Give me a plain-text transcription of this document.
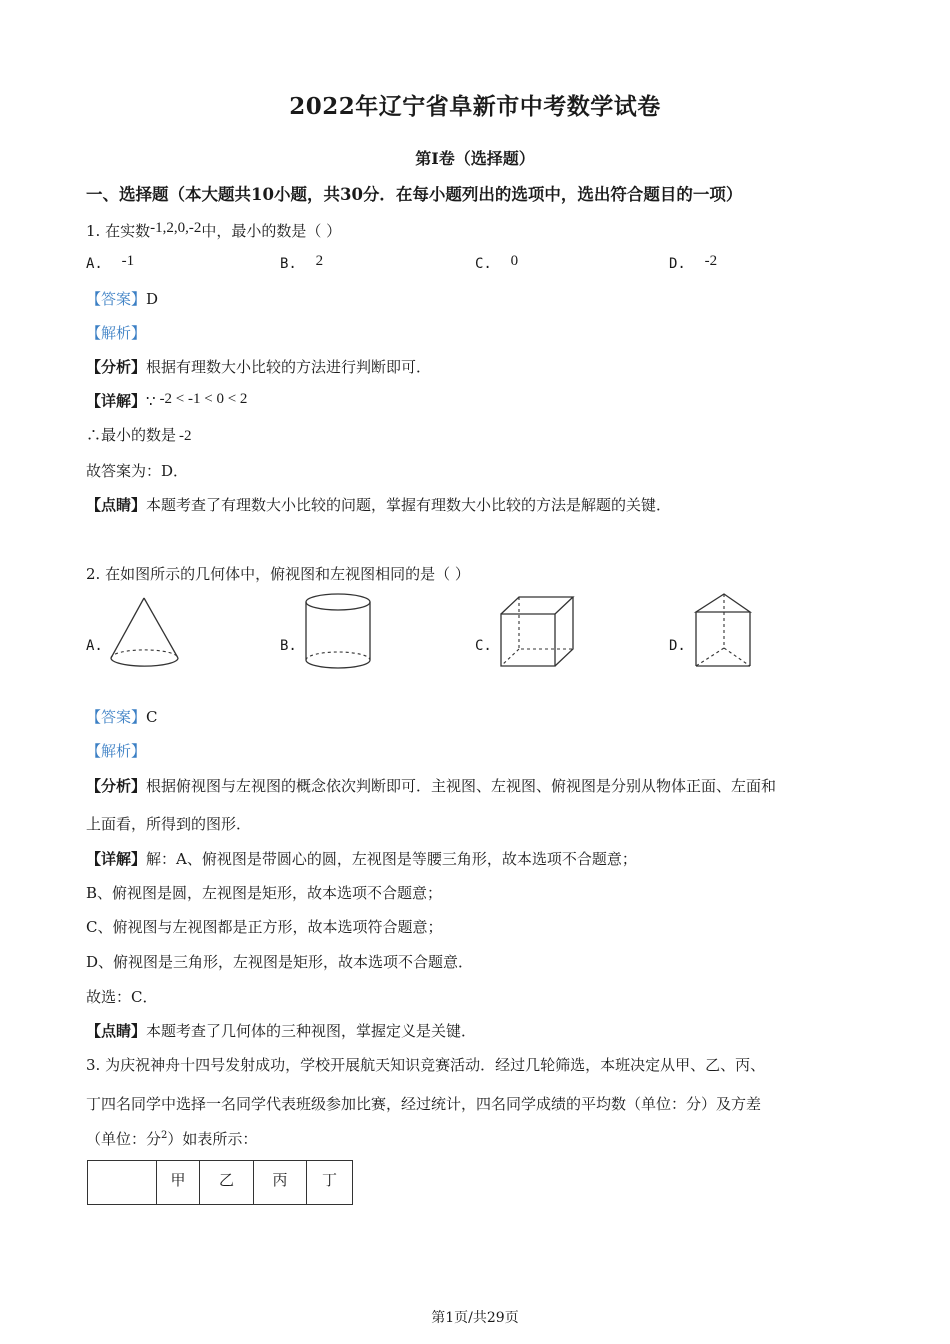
2022年辽宁省阜新市中考数学试卷
第Ⅰ卷（选择题）
一、选择题（本大题共10小题，共30分．在每小题列出的选项中，选出符合题目的一项）
1. 在实数-1,2,0,-2中，最小的数是（ ）
A. -1	B. 2	C. 0	D. -2
【答案】D
【解析】
【分析】根据有理数大小比较的方法进行判断即可．
【详解】∵ -2 < -1 < 0 < 2
∴最小的数是 -2
故答案为：D．
【点睛】本题考查了有理数大小比较的问题，掌握有理数大小比较的方法是解题的关键．
2. 在如图所示的几何体中，俯视图和左视图相同的是（ ）
A.	B.	C.	D.
【答案】C
【解析】
【分析】根据俯视图与左视图的概念依次判断即可．主视图、左视图、俯视图是分别从物体正面、左面和
上面看，所得到的图形．
【详解】解：A、俯视图是带圆心的圆，左视图是等腰三角形，故本选项不合题意；
B、俯视图是圆，左视图是矩形，故本选项不合题意；
C、俯视图与左视图都是正方形，故本选项符合题意；
D、俯视图是三角形，左视图是矩形，故本选项不合题意．
故选：C．
【点睛】本题考查了几何体的三种视图，掌握定义是关键．
3. 为庆祝神舟十四号发射成功，学校开展航天知识竞赛活动．经过几轮筛选，本班决定从甲、乙、丙、
丁四名同学中选择一名同学代表班级参加比赛，经过统计，四名同学成绩的平均数（单位：分）及方差
（单位：分$^2$）如表所示：
	甲	乙	丙	丁
第1页/共29页
